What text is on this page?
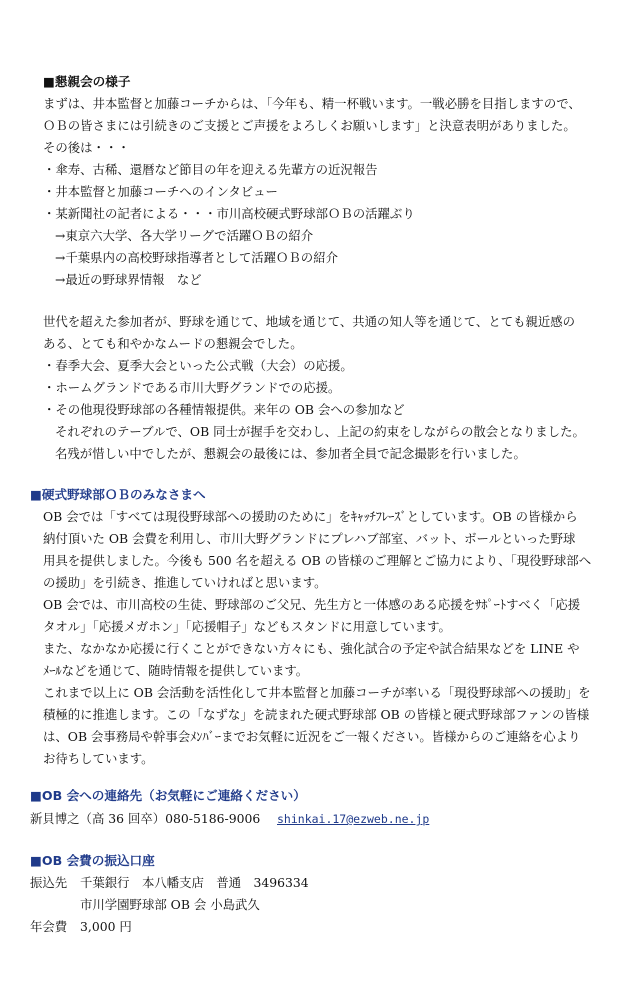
■懇親会の様子
まずは、井本監督と加藤コーチからは、「今年も、精一杯戦います。一戦必勝を目指しますので、
ＯＢの皆さまには引続きのご支援とご声援をよろしくお願いします」と決意表明がありました。
その後は・・・
・傘寿、古稀、還暦など節目の年を迎える先輩方の近況報告
・井本監督と加藤コーチへのインタビュー
・某新聞社の記者による・・・市川高校硬式野球部ＯＢの活躍ぶり
→東京六大学、各大学リーグで活躍ＯＢの紹介
→千葉県内の高校野球指導者として活躍ＯＢの紹介
→最近の野球界情報　など
世代を超えた参加者が、野球を通じて、地域を通じて、共通の知人等を通じて、とても親近感の
ある、とても和やかなムードの懇親会でした。
・春季大会、夏季大会といった公式戦（大会）の応援。
・ホームグランドである市川大野グランドでの応援。
・その他現役野球部の各種情報提供。来年の OB 会への参加など
それぞれのテーブルで、OB 同士が握手を交わし、上記の約束をしながらの散会となりました。
名残が惜しい中でしたが、懇親会の最後には、参加者全員で記念撮影を行いました。
■硬式野球部ＯＢのみなさまへ
OB 会では「すべては現役野球部への援助のために」をｷｬｯﾁﾌﾚｰｽﾞとしています。OB の皆様から
納付頂いた OB 会費を利用し、市川大野グランドにプレハブ部室、バット、ボールといった野球
用具を提供しました。今後も 500 名を超える OB の皆様のご理解とご協力により、「現役野球部へ
の援助」を引続き、推進していければと思います。
OB 会では、市川高校の生徒、野球部のご父兄、先生方と一体感のある応援をｻﾎﾟｰﾄすべく「応援
タオル」「応援メガホン」「応援帽子」などもスタンドに用意しています。
また、なかなか応援に行くことができない方々にも、強化試合の予定や試合結果などを LINE や
ﾒｰﾙなどを通じて、随時情報を提供しています。
これまで以上に OB 会活動を活性化して井本監督と加藤コーチが率いる「現役野球部への援助」を
積極的に推進します。この「なずな」を読まれた硬式野球部 OB の皆様と硬式野球部ファンの皆様
は、OB 会事務局や幹事会ﾒﾝﾊﾞｰまでお気軽に近況をご一報ください。皆様からのご連絡を心より
お待ちしています。
■OB 会への連絡先（お気軽にご連絡ください）
新貝博之（高 36 回卒）080-5186-9006 shinkai.17@ezweb.ne.jp
■OB 会費の振込口座
振込先 千葉銀行　本八幡支店　普通　3496334
市川学園野球部 OB 会 小島武久
年会費 3,000 円
